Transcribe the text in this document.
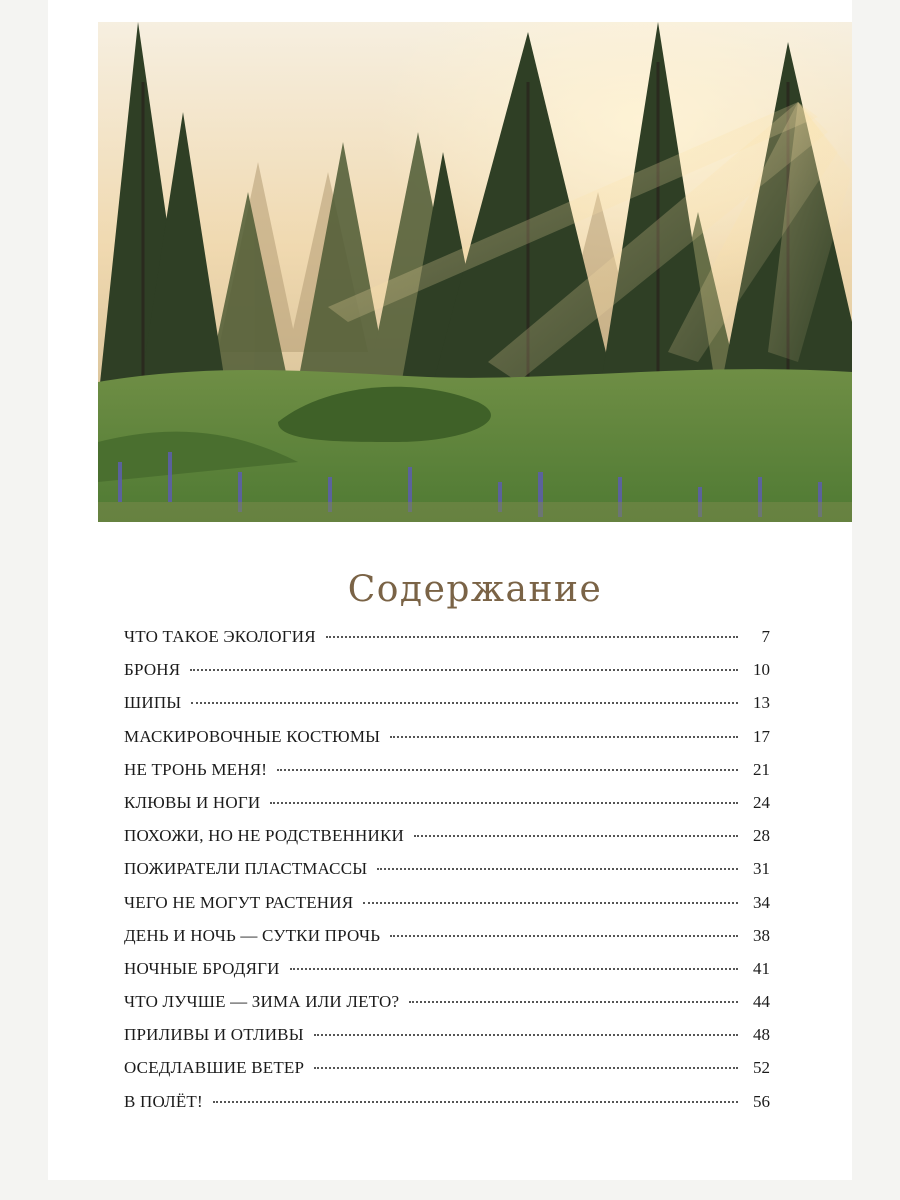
Содержание
ЧТО ТАКОЕ ЭКОЛОГИЯ	7
БРОНЯ	10
ШИПЫ	13
МАСКИРОВОЧНЫЕ КОСТЮМЫ	17
НЕ ТРОНЬ МЕНЯ!	21
КЛЮВЫ И НОГИ	24
ПОХОЖИ, НО НЕ РОДСТВЕННИКИ	28
ПОЖИРАТЕЛИ ПЛАСТМАССЫ	31
ЧЕГО НЕ МОГУТ РАСТЕНИЯ	34
ДЕНЬ И НОЧЬ — СУТКИ ПРОЧЬ	38
НОЧНЫЕ БРОДЯГИ	41
ЧТО ЛУЧШЕ — ЗИМА ИЛИ ЛЕТО?	44
ПРИЛИВЫ И ОТЛИВЫ	48
ОСЕДЛАВШИЕ ВЕТЕР	52
В ПОЛЁТ!	56
